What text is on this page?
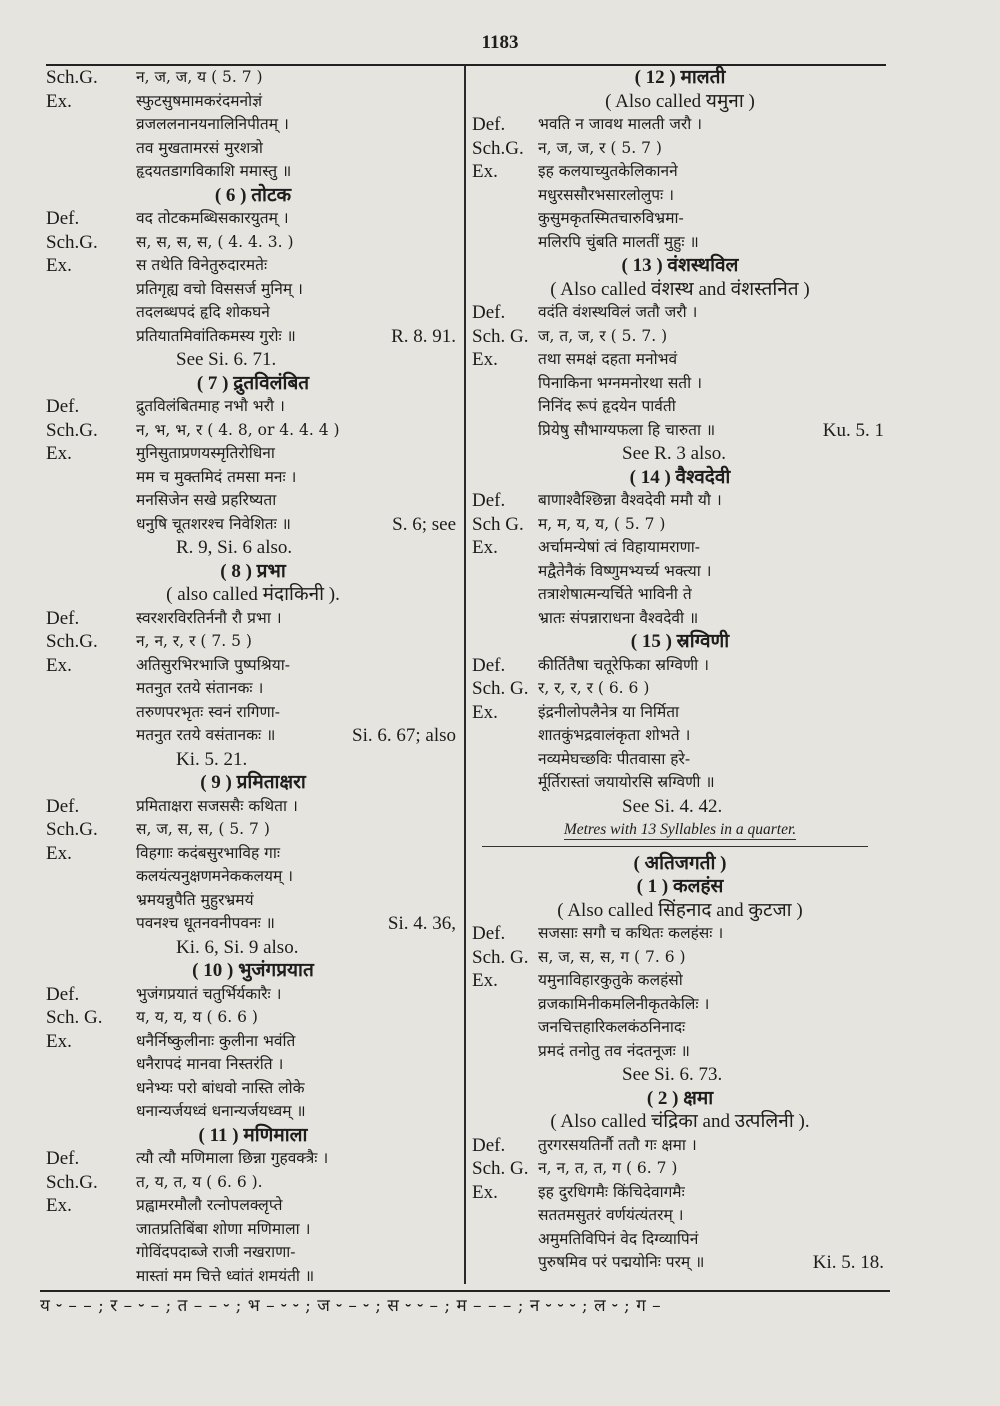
1183
Sch.G. न, ज, ज, य ( 5. 7 )
Ex.	स्फुटसुषमामकरंदमनोज्ञं
व्रजललनानयनालिनिपीतम् ।
तव मुखतामरसं मुरशत्रो
हृदयतडागविकाशि ममास्तु ॥
( 6 ) तोटक
Def.	वद तोटकमब्धिसकारयुतम् ।
Sch.G. स, स, स, स, ( 4. 4. 3. )
Ex.	स तथेति विनेतुरुदारमतेः
प्रतिगृह्य वचो विससर्ज मुनिम् ।
तदलब्धपदं हृदि शोकघने
प्रतियातमिवांतिकमस्य गुरोः ॥	R. 8. 91.
See Si. 6. 71.
( 7 ) द्रुतविलंबित
Def.	द्रुतविलंबितमाह नभौ भरौ ।
Sch.G. न, भ, भ, र ( 4. 8, or 4. 4. 4 )
Ex.	मुनिसुताप्रणयस्मृतिरोधिना
मम च मुक्तमिदं तमसा मनः ।
मनसिजेन सखे प्रहरिष्यता
धनुषि चूतशरश्च निवेशितः ॥	S. 6; see
R. 9, Si. 6 also.
( 8 ) प्रभा
( also called मंदाकिनी ).
Def.	स्वरशरविरतिर्ननौ रौ प्रभा ।
Sch.G. न, न, र, र ( 7. 5 )
Ex.	अतिसुरभिरभाजि पुष्पश्रिया-
मतनुत रतये संतानकः ।
तरुणपरभृतः स्वनं रागिणा-
मतनुत रतये वसंतानकः ॥	Si. 6. 67; also
Ki. 5. 21.
( 9 ) प्रमिताक्षरा
Def.	प्रमिताक्षरा सजससैः कथिता ।
Sch.G. स, ज, स, स, ( 5. 7 )
Ex.	विहगाः कदंबसुरभाविह गाः
कलयंत्यनुक्षणमनेककलयम् ।
भ्रमयन्नुपैति मुहुरभ्रमयं
पवनश्च धूतनवनीपवनः ॥	Si. 4. 36,
Ki. 6, Si. 9 also.
( 10 ) भुजंगप्रयात
Def.	भुजंगप्रयातं चतुर्भिर्यकारैः ।
Sch. G. य, य, य, य ( 6. 6 )
Ex.	धनैर्निष्कुलीनाः कुलीना भवंति
धनैरापदं मानवा निस्तरंति ।
धनेभ्यः परो बांधवो नास्ति लोके
धनान्यर्जयध्वं धनान्यर्जयध्वम् ॥
( 11 ) मणिमाला
Def.	त्यौ त्यौ मणिमाला छिन्ना गुहवक्त्रैः ।
Sch.G. त, य, त, य ( 6. 6 ).
Ex.	प्रह्वामरमौलौ रत्नोपलक्लृप्ते
जातप्रतिबिंबा शोणा मणिमाला ।
गोविंदपदाब्जे राजी नखराणा-
मास्तां मम चित्ते ध्वांतं शमयंती ॥
( 12 ) मालती
( Also called यमुना )
Def. भवति न जावथ मालती जरौ ।
Sch.G. न, ज, ज, र ( 5. 7 )
Ex.	इह कलयाच्युतकेलिकानने
मधुरससौरभसारलोलुपः ।
कुसुमकृतस्मितचारुविभ्रमा-
मलिरपि चुंबति मालतीं मुहुः ॥
( 13 ) वंशस्थविल
( Also called वंशस्थ and वंशस्तनित )
Def. वदंति वंशस्थविलं जतौ जरौ ।
Sch. G. ज, त, ज, र ( 5. 7. )
Ex.	तथा समक्षं दहता मनोभवं
पिनाकिना भग्नमनोरथा सती ।
निनिंद रूपं हृदयेन पार्वती
प्रियेषु सौभाग्यफला हि चारुता ॥	Ku. 5. 1
See R. 3 also.
( 14 ) वैश्वदेवी
Def. बाणाश्वैश्छिन्ना वैश्वदेवी ममौ यौ ।
Sch G. म, म, य, य, ( 5. 7 )
Ex.	अर्चामन्येषां त्वं विहायामराणा-
मद्वैतेनैकं विष्णुमभ्यर्च्य भक्त्या ।
तत्राशेषात्मन्यर्चिते भाविनी ते
भ्रातः संपन्नाराधना वैश्वदेवी ॥
( 15 ) स्रग्विणी
Def. कीर्तितैषा चतूरेफिका स्रग्विणी ।
Sch. G. र, र, र, र ( 6. 6 )
Ex.	इंद्रनीलोपलैनेत्र या निर्मिता
शातकुंभद्रवालंकृता शोभते ।
नव्यमेघच्छविः पीतवासा हरे-
र्मूर्तिरास्तां जयायोरसि स्रग्विणी ॥
See Si. 4. 42.
Metres with 13 Syllables in a quarter.
( अतिजगती )
( 1 ) कलहंस
( Also called सिंहनाद and कुटजा )
Def. सजसाः सगौ च कथितः कलहंसः ।
Sch. G. स, ज, स, स, ग ( 7. 6 )
Ex.	यमुनाविहारकुतुके कलहंसो
व्रजकामिनीकमलिनीकृतकेलिः ।
जनचित्तहारिकलकंठनिनादः
प्रमदं तनोतु तव नंदतनूजः ॥
See Si. 6. 73.
( 2 ) क्षमा
( Also called चंद्रिका and उत्पलिनी ).
Def. तुरगरसयतिर्नौ ततौ गः क्षमा ।
Sch. G. न, न, त, त, ग ( 6. 7 )
Ex.	इह दुरधिगमैः किंचिदेवागमैः
सततमसुतरं वर्णयंत्यंतरम् ।
अमुमतिविपिनं वेद दिग्व्यापिनं
पुरुषमिव परं पद्मयोनिः परम् ॥	Ki. 5. 18.
य ⏑ – – ; र – ⏑ – ; त – – ⏑ ; भ – ⏑ ⏑ ; ज ⏑ – ⏑ ; स ⏑ ⏑ – ; म – – – ; न ⏑ ⏑ ⏑ ; ल ⏑ ; ग –
